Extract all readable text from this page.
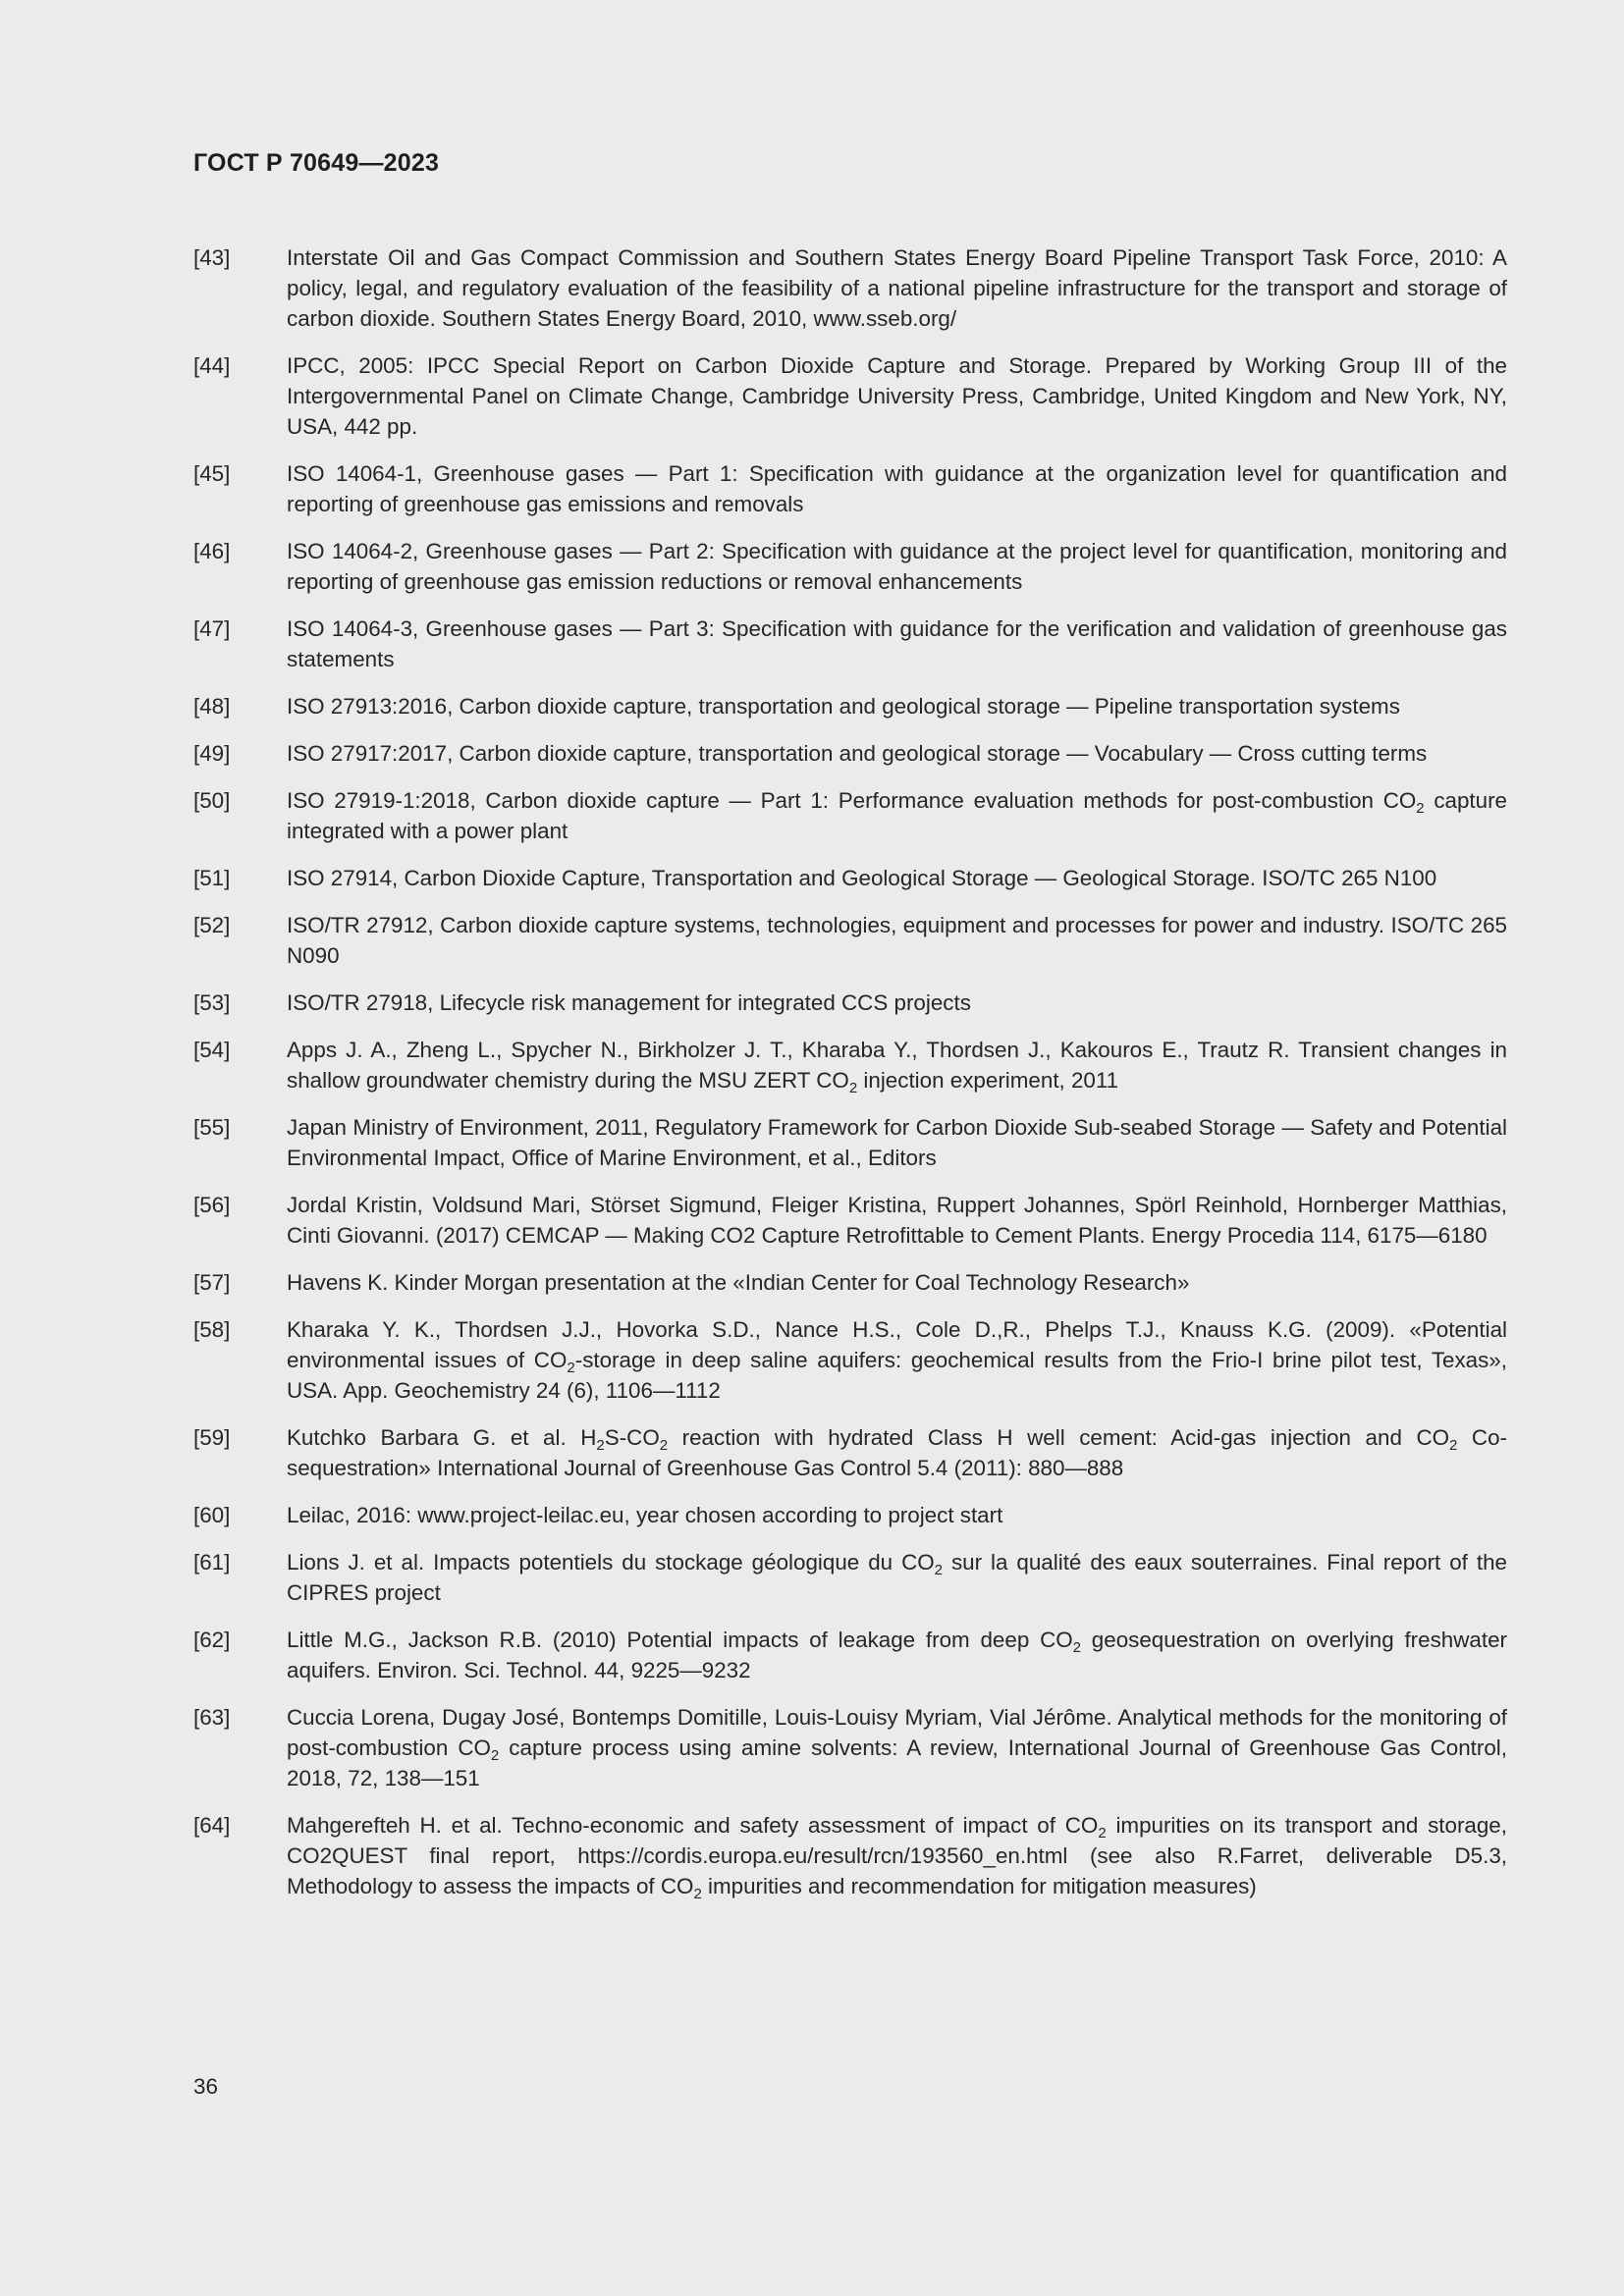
ГОСТ Р 70649—2023
[43]	Interstate Oil and Gas Compact Commission and Southern States Energy Board Pipeline Transport Task Force, 2010: A policy, legal, and regulatory evaluation of the feasibility of a national pipeline infrastructure for the transport and storage of carbon dioxide. Southern States Energy Board, 2010, www.sseb.org/
[44]	IPCC, 2005: IPCC Special Report on Carbon Dioxide Capture and Storage. Prepared by Working Group III of the Intergovernmental Panel on Climate Change, Cambridge University Press, Cambridge, United Kingdom and New York, NY, USA, 442 pp.
[45]	ISO 14064-1, Greenhouse gases — Part 1: Specification with guidance at the organization level for quantification and reporting of greenhouse gas emissions and removals
[46]	ISO 14064-2, Greenhouse gases — Part 2: Specification with guidance at the project level for quantification, monitoring and reporting of greenhouse gas emission reductions or removal enhancements
[47]	ISO 14064-3, Greenhouse gases — Part 3: Specification with guidance for the verification and validation of greenhouse gas statements
[48]	ISO 27913:2016, Carbon dioxide capture, transportation and geological storage — Pipeline transportation systems
[49]	ISO 27917:2017, Carbon dioxide capture, transportation and geological storage — Vocabulary — Cross cutting terms
[50]	ISO 27919-1:2018, Carbon dioxide capture — Part 1: Performance evaluation methods for post-combustion $CO_2$ capture integrated with a power plant
[51]	ISO 27914, Carbon Dioxide Capture, Transportation and Geological Storage — Geological Storage. ISO/TC 265 N100
[52]	ISO/TR 27912, Carbon dioxide capture systems, technologies, equipment and processes for power and industry. ISO/TC 265 N090
[53]	ISO/TR 27918, Lifecycle risk management for integrated CCS projects
[54]	Apps J. A., Zheng L., Spycher N., Birkholzer J. T., Kharaba Y., Thordsen J., Kakouros E., Trautz R. Transient changes in shallow groundwater chemistry during the MSU ZERT $CO_2$ injection experiment, 2011
[55]	Japan Ministry of Environment, 2011, Regulatory Framework for Carbon Dioxide Sub-seabed Storage — Safety and Potential Environmental Impact, Office of Marine Environment, et al., Editors
[56]	Jordal Kristin, Voldsund Mari, Störset Sigmund, Fleiger Kristina, Ruppert Johannes, Spörl Reinhold, Hornberger Matthias, Cinti Giovanni. (2017) CEMCAP — Making CO2 Capture Retrofittable to Cement Plants. Energy Procedia 114, 6175—6180
[57]	Havens K. Kinder Morgan presentation at the «Indian Center for Coal Technology Research»
[58]	Kharaka Y. K., Thordsen J.J., Hovorka S.D., Nance H.S., Cole D.,R., Phelps T.J., Knauss K.G. (2009). «Potential environmental issues of $CO_2$-storage in deep saline aquifers: geochemical results from the Frio-I brine pilot test, Texas», USA. App. Geochemistry 24 (6), 1106—1112
[59]	Kutchko Barbara G. et al. $H_2S-CO_2$ reaction with hydrated Class H well cement: Acid-gas injection and $CO_2$ Co-sequestration» International Journal of Greenhouse Gas Control 5.4 (2011): 880—888
[60]	Leilac, 2016: www.project-leilac.eu, year chosen according to project start
[61]	Lions J. et al. Impacts potentiels du stockage géologique du $CO_2$ sur la qualité des eaux souterraines. Final report of the CIPRES project
[62]	Little M.G., Jackson R.B. (2010) Potential impacts of leakage from deep $CO_2$ geosequestration on overlying freshwater aquifers. Environ. Sci. Technol. 44, 9225—9232
[63]	Cuccia Lorena, Dugay José, Bontemps Domitille, Louis-Louisy Myriam, Vial Jérôme. Analytical methods for the monitoring of post-combustion $CO_2$ capture process using amine solvents: A review, International Journal of Greenhouse Gas Control, 2018, 72, 138—151
[64]	Mahgerefteh H. et al. Techno-economic and safety assessment of impact of $CO_2$ impurities on its transport and storage, CO2QUEST final report, https://cordis.europa.eu/result/rcn/193560_en.html (see also R.Farret, deliverable D5.3, Methodology to assess the impacts of $CO_2$ impurities and recommendation for mitigation measures)
36
